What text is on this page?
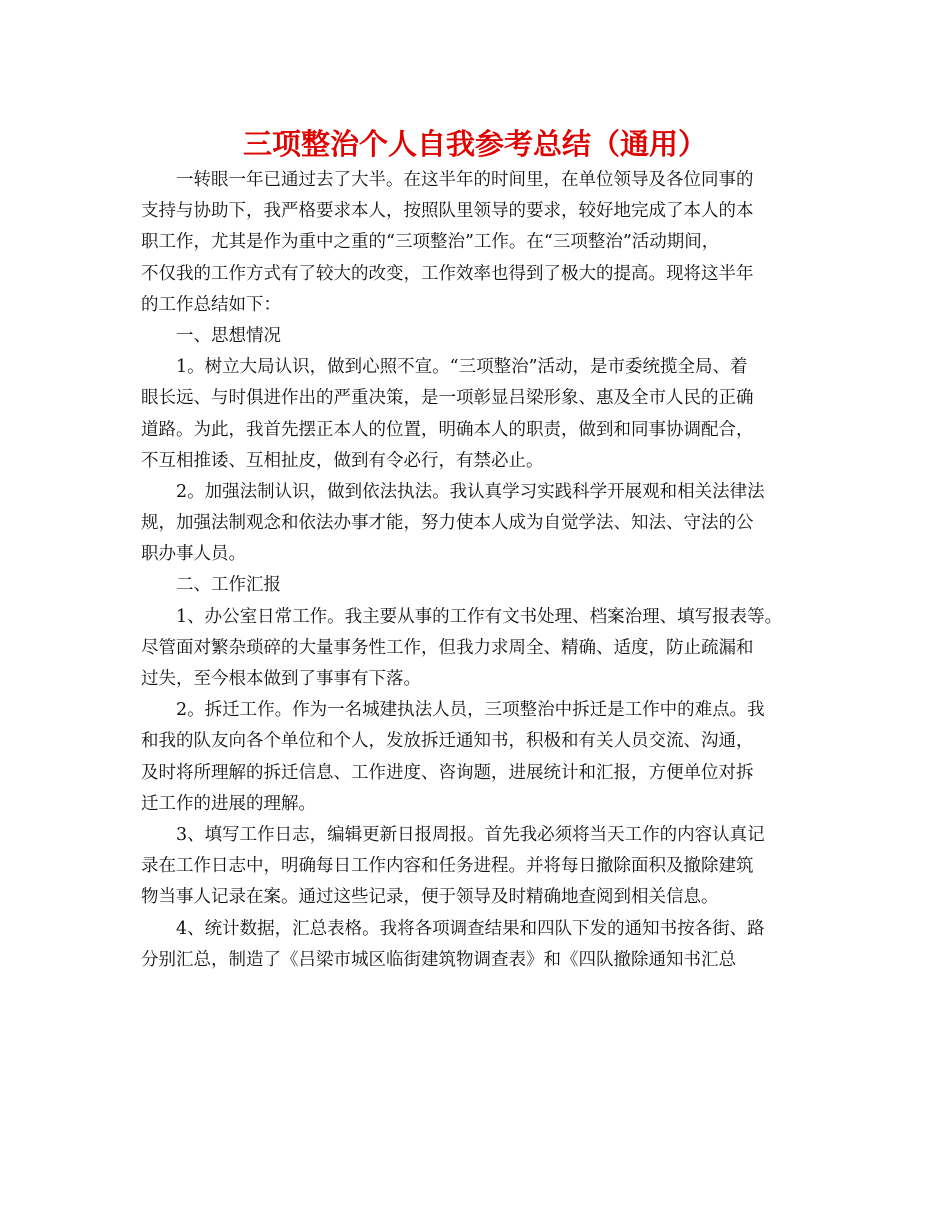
三项整治个人自我参考总结（通用）
一转眼一年已通过去了大半。在这半年的时间里，在单位领导及各位同事的
支持与协助下，我严格要求本人，按照队里领导的要求，较好地完成了本人的本
职工作，尤其是作为重中之重的“三项整治”工作。在“三项整治”活动期间，
不仅我的工作方式有了较大的改变，工作效率也得到了极大的提高。现将这半年
的工作总结如下：
一、思想情况
1。树立大局认识，做到心照不宣。“三项整治”活动，是市委统揽全局、着
眼长远、与时俱进作出的严重决策，是一项彰显吕梁形象、惠及全市人民的正确
道路。为此，我首先摆正本人的位置，明确本人的职责，做到和同事协调配合，
不互相推诿、互相扯皮，做到有令必行，有禁必止。
2。加强法制认识，做到依法执法。我认真学习实践科学开展观和相关法律法
规，加强法制观念和依法办事才能，努力使本人成为自觉学法、知法、守法的公
职办事人员。
二、工作汇报
1、办公室日常工作。我主要从事的工作有文书处理、档案治理、填写报表等。
尽管面对繁杂琐碎的大量事务性工作，但我力求周全、精确、适度，防止疏漏和
过失，至今根本做到了事事有下落。
2。拆迁工作。作为一名城建执法人员，三项整治中拆迁是工作中的难点。我
和我的队友向各个单位和个人，发放拆迁通知书，积极和有关人员交流、沟通，
及时将所理解的拆迁信息、工作进度、咨询题，进展统计和汇报，方便单位对拆
迁工作的进展的理解。
3、填写工作日志，编辑更新日报周报。首先我必须将当天工作的内容认真记
录在工作日志中，明确每日工作内容和任务进程。并将每日撤除面积及撤除建筑
物当事人记录在案。通过这些记录，便于领导及时精确地查阅到相关信息。
4、统计数据，汇总表格。我将各项调查结果和四队下发的通知书按各街、路
分别汇总，制造了《吕梁市城区临街建筑物调查表》和《四队撤除通知书汇总
